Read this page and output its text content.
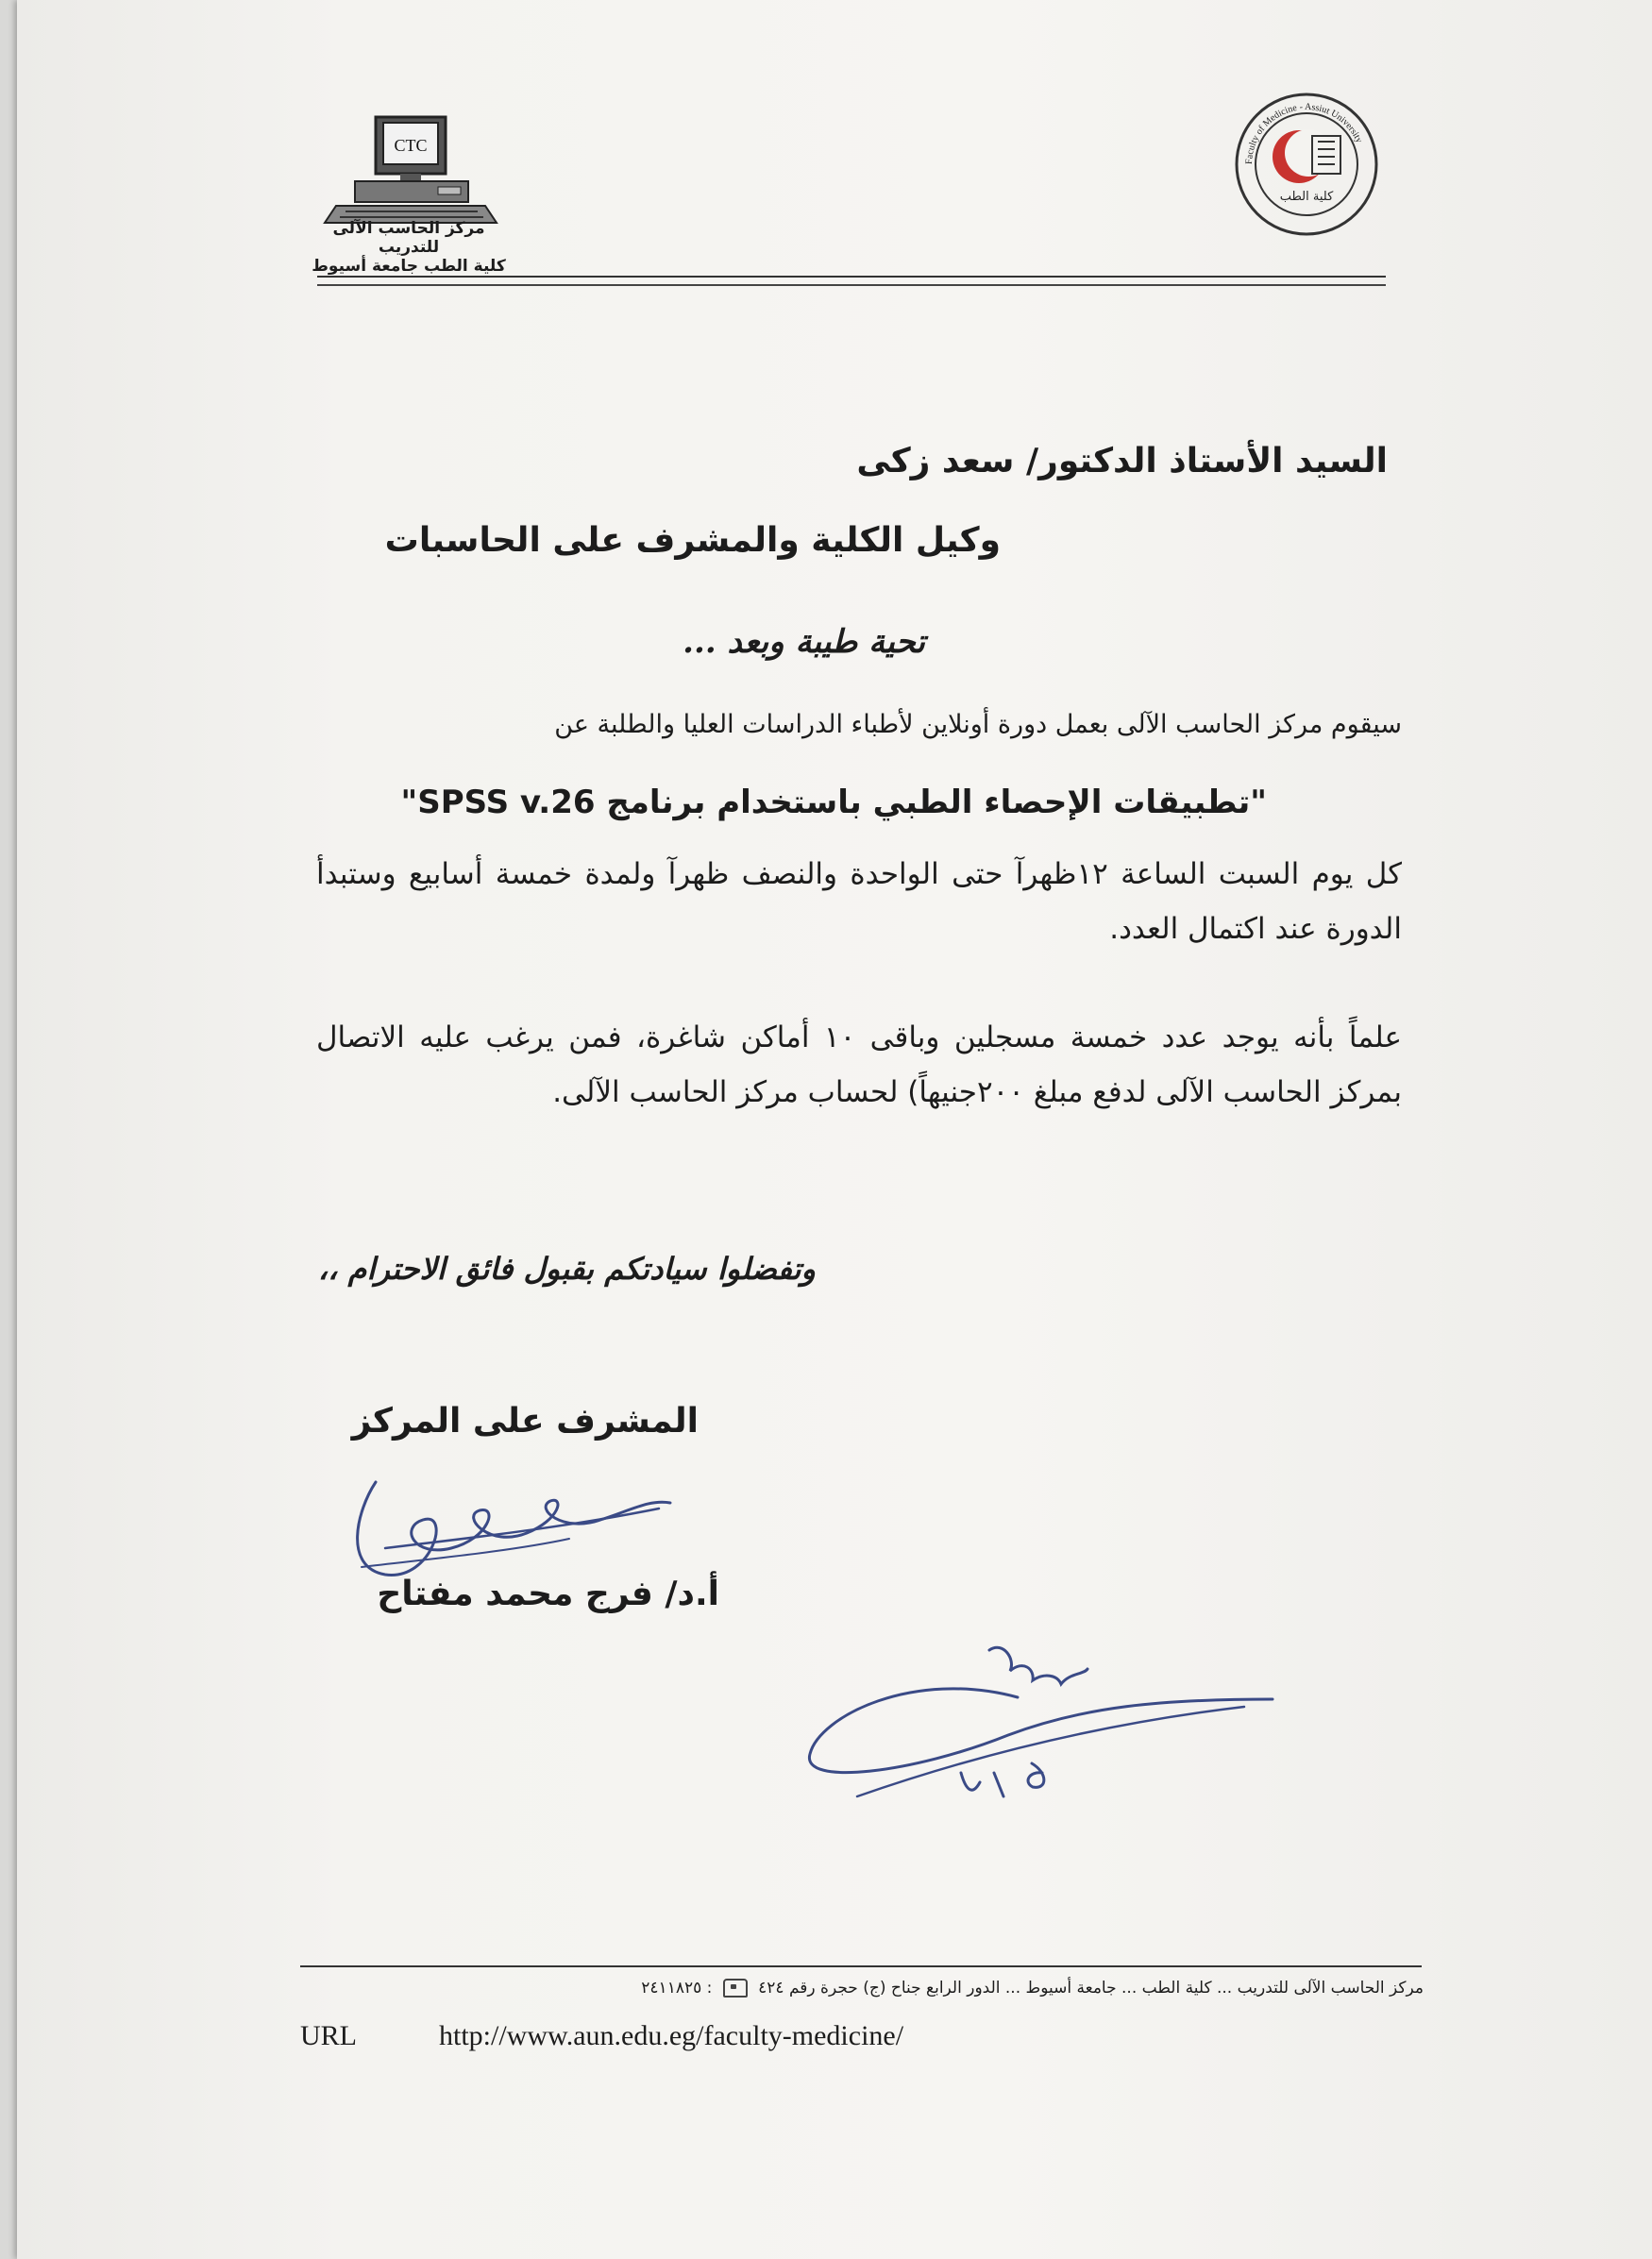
CTC
مركز الحاسب الآلى للتدريب
كلية الطب جامعة أسيوط
Faculty of Medicine - Assiut University
كلية الطب
السيد الأستاذ الدكتور/ سعد زكى
وكيل الكلية والمشرف على الحاسبات
تحية طيبة وبعد ...
سيقوم مركز الحاسب الآلى بعمل دورة أونلاين لأطباء الدراسات العليا والطلبة عن
"تطبيقات الإحصاء الطبي باستخدام برنامج SPSS v.26"
كل يوم السبت الساعة ١٢ظهرآ حتى الواحدة والنصف ظهرآ ولمدة خمسة أسابيع وستبدأ الدورة عند اكتمال العدد.
علماً بأنه يوجد عدد خمسة مسجلين وباقى ١٠ أماكن شاغرة، فمن يرغب عليه الاتصال بمركز الحاسب الآلى لدفع مبلغ ٢٠٠جنيهاً) لحساب مركز الحاسب الآلى.
وتفضلوا سيادتكم بقبول فائق الاحترام ،،
المشرف على المركز
أ.د/ فرج محمد مفتاح
مركز الحاسب الآلى للتدريب ... كلية الطب ... جامعة أسيوط ... الدور الرابع جناح (ج) حجرة رقم ٤٢٤  : ٢٤١١٨٢٥
URL	http://www.aun.edu.eg/faculty-medicine/
